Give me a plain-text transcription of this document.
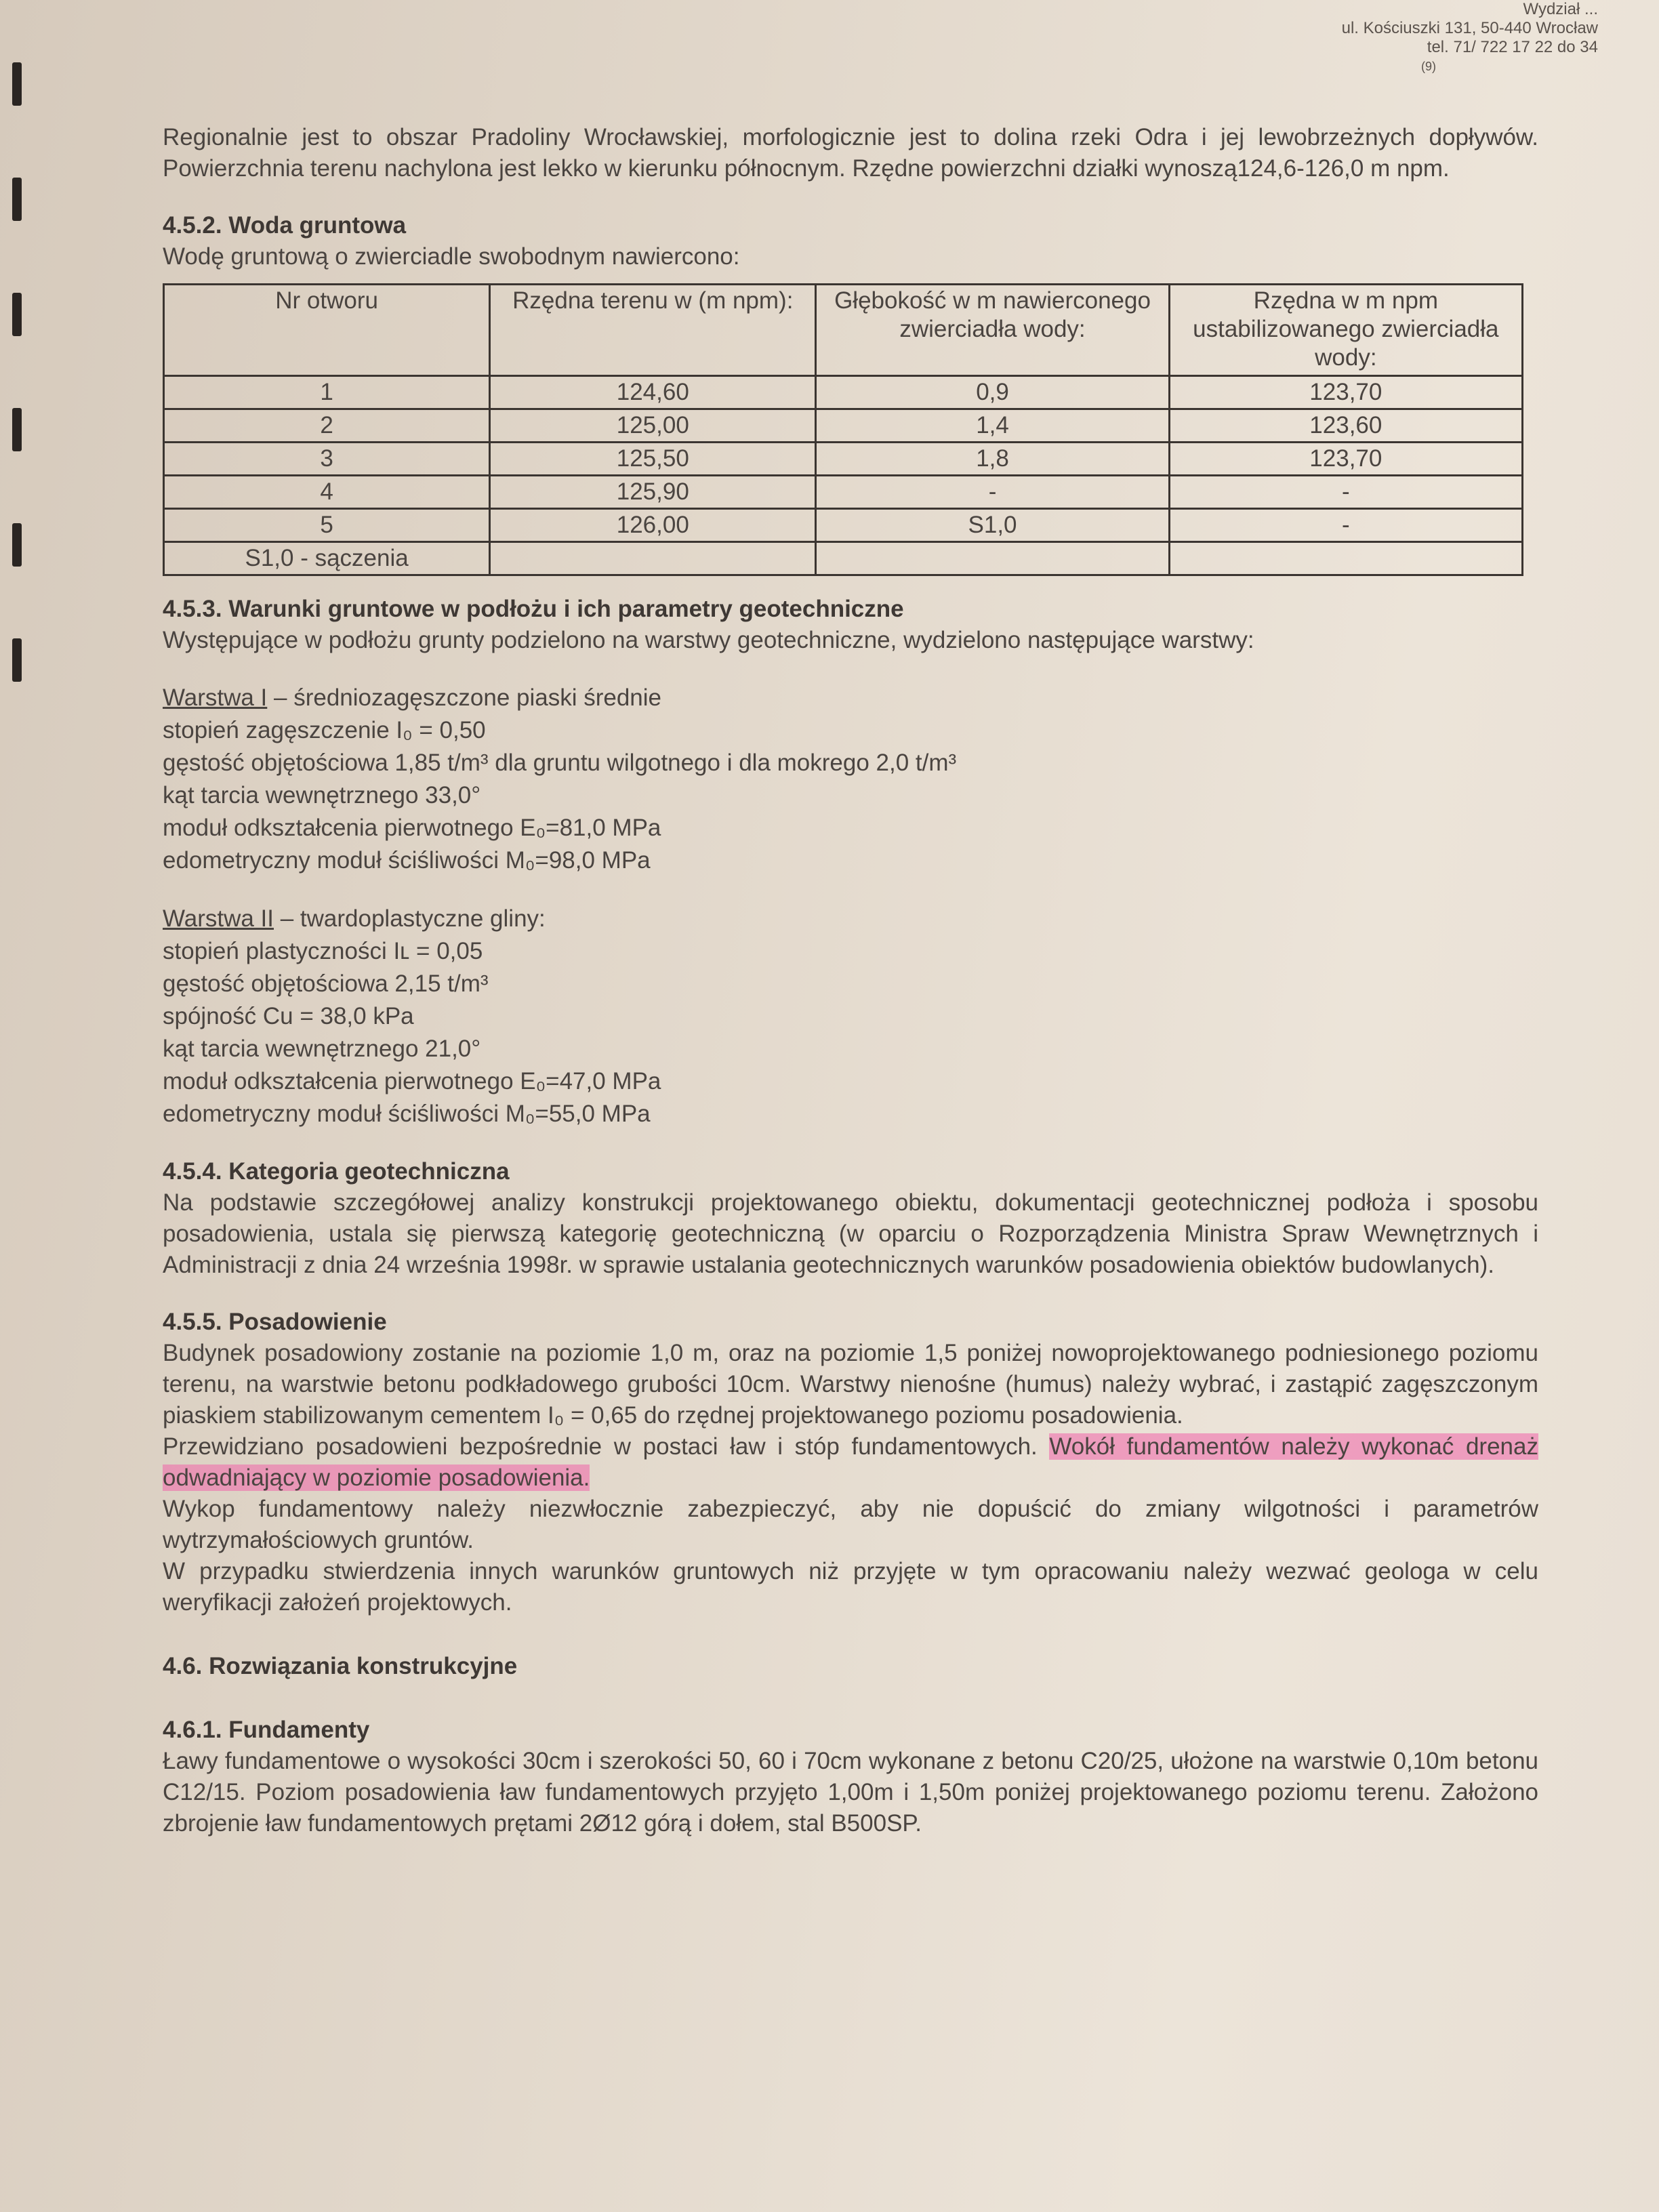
Wydział ...
ul. Kościuszki 131, 50-440 Wrocław
tel. 71/ 722 17 22 do 34
(9)

Regionalnie jest to obszar Pradoliny Wrocławskiej, morfologicznie jest to dolina rzeki Odra i jej lewobrzeżnych dopływów. Powierzchnia terenu nachylona jest lekko w kierunku północnym. Rzędne powierzchni działki wynoszą124,6-126,0 m npm.

4.5.2. Woda gruntowa

Wodę gruntową o zwierciadle swobodnym nawiercono:

Nr otworu	Rzędna terenu w (m npm):	Głębokość w m nawierconego zwierciadła wody:	Rzędna w m npm ustabilizowanego zwierciadła wody:
1	124,60	0,9	123,70
2	125,00	1,4	123,60
3	125,50	1,8	123,70
4	125,90	-	-
5	126,00	S1,0	-
S1,0 - sączenia			
4.5.3. Warunki gruntowe w podłożu i ich parametry geotechniczne

Występujące w podłożu grunty podzielono na warstwy geotechniczne, wydzielono następujące warstwy:

Warstwa I – średniozagęszczone piaski średnie

stopień zagęszczenie I₀ = 0,50

gęstość objętościowa 1,85 t/m³ dla gruntu wilgotnego i dla mokrego 2,0 t/m³

kąt tarcia wewnętrznego 33,0°

moduł odkształcenia pierwotnego E₀=81,0 MPa

edometryczny moduł ściśliwości M₀=98,0 MPa

Warstwa II – twardoplastyczne gliny:

stopień plastyczności Iʟ = 0,05

gęstość objętościowa 2,15 t/m³

spójność Cu = 38,0 kPa

kąt tarcia wewnętrznego 21,0°

moduł odkształcenia pierwotnego E₀=47,0 MPa

edometryczny moduł ściśliwości M₀=55,0 MPa

4.5.4. Kategoria geotechniczna

Na podstawie szczegółowej analizy konstrukcji projektowanego obiektu, dokumentacji geotechnicznej podłoża i sposobu posadowienia, ustala się pierwszą kategorię geotechniczną (w oparciu o Rozporządzenia Ministra Spraw Wewnętrznych i Administracji z dnia 24 września 1998r. w sprawie ustalania geotechnicznych warunków posadowienia obiektów budowlanych).

4.5.5. Posadowienie

Budynek posadowiony zostanie na poziomie 1,0 m, oraz na poziomie 1,5 poniżej nowoprojektowanego podniesionego poziomu terenu, na warstwie betonu podkładowego grubości 10cm. Warstwy nienośne (humus) należy wybrać, i zastąpić zagęszczonym piaskiem stabilizowanym cementem I₀ = 0,65 do rzędnej projektowanego poziomu posadowienia.

Przewidziano posadowieni bezpośrednie w postaci ław i stóp fundamentowych. Wokół fundamentów należy wykonać drenaż odwadniający w poziomie posadowienia.

Wykop fundamentowy należy niezwłocznie zabezpieczyć, aby nie dopuścić do zmiany wilgotności i parametrów wytrzymałościowych gruntów.

W przypadku stwierdzenia innych warunków gruntowych niż przyjęte w tym opracowaniu należy wezwać geologa w celu weryfikacji założeń projektowych.

4.6. Rozwiązania konstrukcyjne
4.6.1. Fundamenty

Ławy fundamentowe o wysokości 30cm i szerokości 50, 60 i 70cm wykonane z betonu C20/25, ułożone na warstwie 0,10m betonu C12/15. Poziom posadowienia ław fundamentowych przyjęto 1,00m i 1,50m poniżej projektowanego poziomu terenu. Założono zbrojenie ław fundamentowych prętami 2Ø12 górą i dołem, stal B500SP.
